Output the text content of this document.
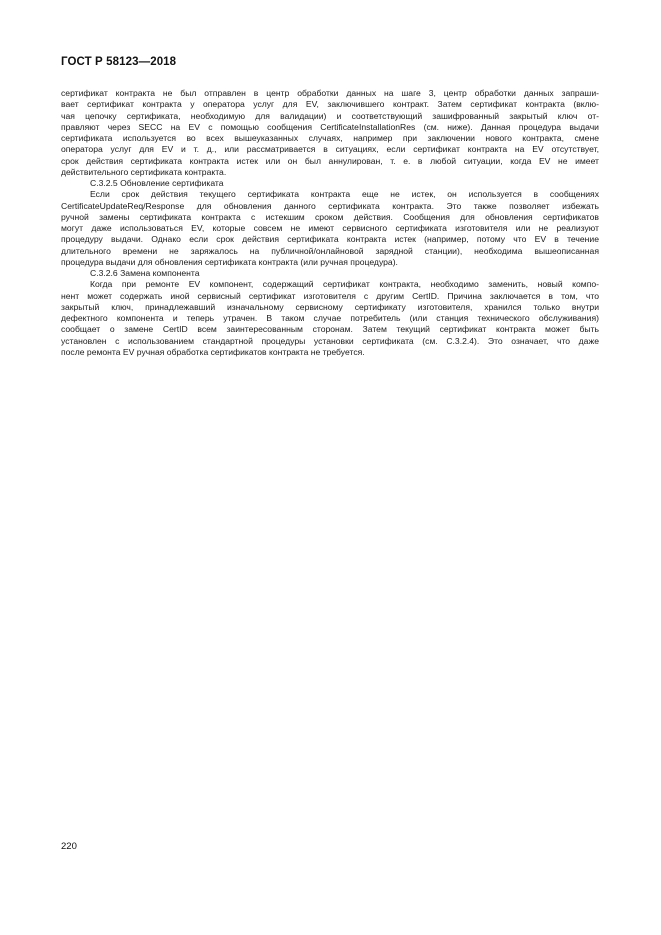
ГОСТ Р 58123—2018

сертификат контракта не был отправлен в центр обработки данных на шаге 3, центр обработки данных запраши-

вает сертификат контракта у оператора услуг для EV, заключившего контракт. Затем сертификат контракта (вклю-

чая цепочку сертификата, необходимую для валидации) и соответствующий зашифрованный закрытый ключ от-

правляют через SECC на EV с помощью сообщения CertificateInstallationRes (см. ниже). Данная процедура выдачи

сертификата используется во всех вышеуказанных случаях, например при заключении нового контракта, смене

оператора услуг для EV и т. д., или рассматривается в ситуациях, если сертификат контракта на EV отсутствует,

срок действия сертификата контракта истек или он был аннулирован, т. е. в любой ситуации, когда EV не имеет

действительного сертификата контракта.

С.3.2.5 Обновление сертификата

Если срок действия текущего сертификата контракта еще не истек, он используется в сообщениях

CertificateUpdateReq/Response для обновления данного сертификата контракта. Это также позволяет избежать

ручной замены сертификата контракта с истекшим сроком действия. Сообщения для обновления сертификатов

могут даже использоваться EV, которые совсем не имеют сервисного сертификата изготовителя или не реализуют

процедуру выдачи. Однако если срок действия сертификата контракта истек (например, потому что EV в течение

длительного времени не заряжалось на публичной/онлайновой зарядной станции), необходима вышеописанная

процедура выдачи для обновления сертификата контракта (или ручная процедура).

С.3.2.6 Замена компонента

Когда при ремонте EV компонент, содержащий сертификат контракта, необходимо заменить, новый компо-

нент может содержать иной сервисный сертификат изготовителя с другим CertID. Причина заключается в том, что

закрытый ключ, принадлежавший изначальному сервисному сертификату изготовителя, хранился только внутри

дефектного компонента и теперь утрачен. В таком случае потребитель (или станция технического обслуживания)

сообщает о замене CertID всем заинтересованным сторонам. Затем текущий сертификат контракта может быть

установлен с использованием стандартной процедуры установки сертификата (см. С.3.2.4). Это означает, что даже

после ремонта EV ручная обработка сертификатов контракта не требуется.

220
